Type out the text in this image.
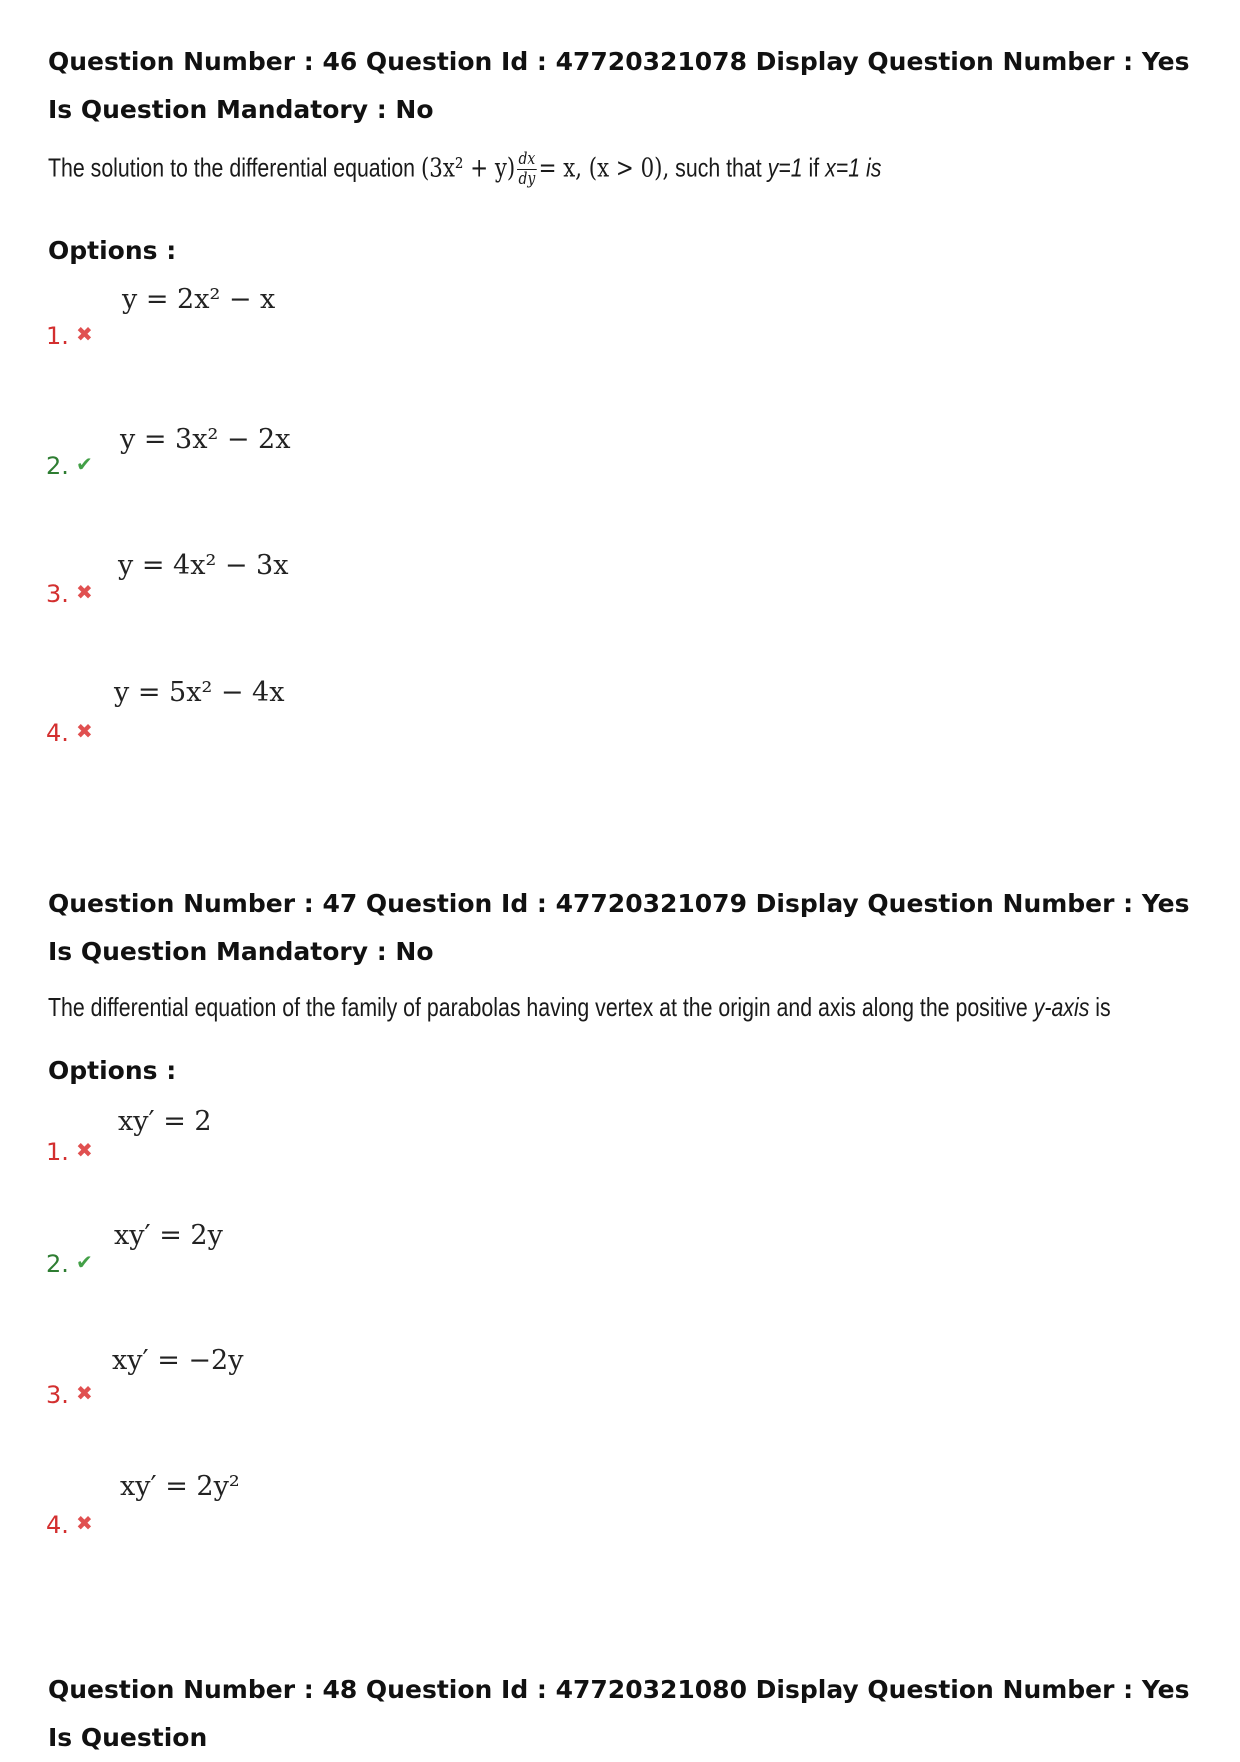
Question Number : 46 Question Id : 47720321078 Display Question Number : Yes Is Question Mandatory : No
The solution to the differential equation $(3x^2 + y) \frac{dx}{dy} = x$, (x > 0), such that y=1 if x=1 is
Options :
1. ✖
y = 2x² − x
2. ✔
y = 3x² − 2x
3. ✖
y = 4x² − 3x
4. ✖
y = 5x² − 4x
Question Number : 47 Question Id : 47720321079 Display Question Number : Yes Is Question Mandatory : No
The differential equation of the family of parabolas having vertex at the origin and axis along the positive y-axis is
Options :
1. ✖
xy′ = 2
2. ✔
xy′ = 2y
3. ✖
xy′ = −2y
4. ✖
xy′ = 2y²
Question Number : 48 Question Id : 47720321080 Display Question Number : Yes Is Question
